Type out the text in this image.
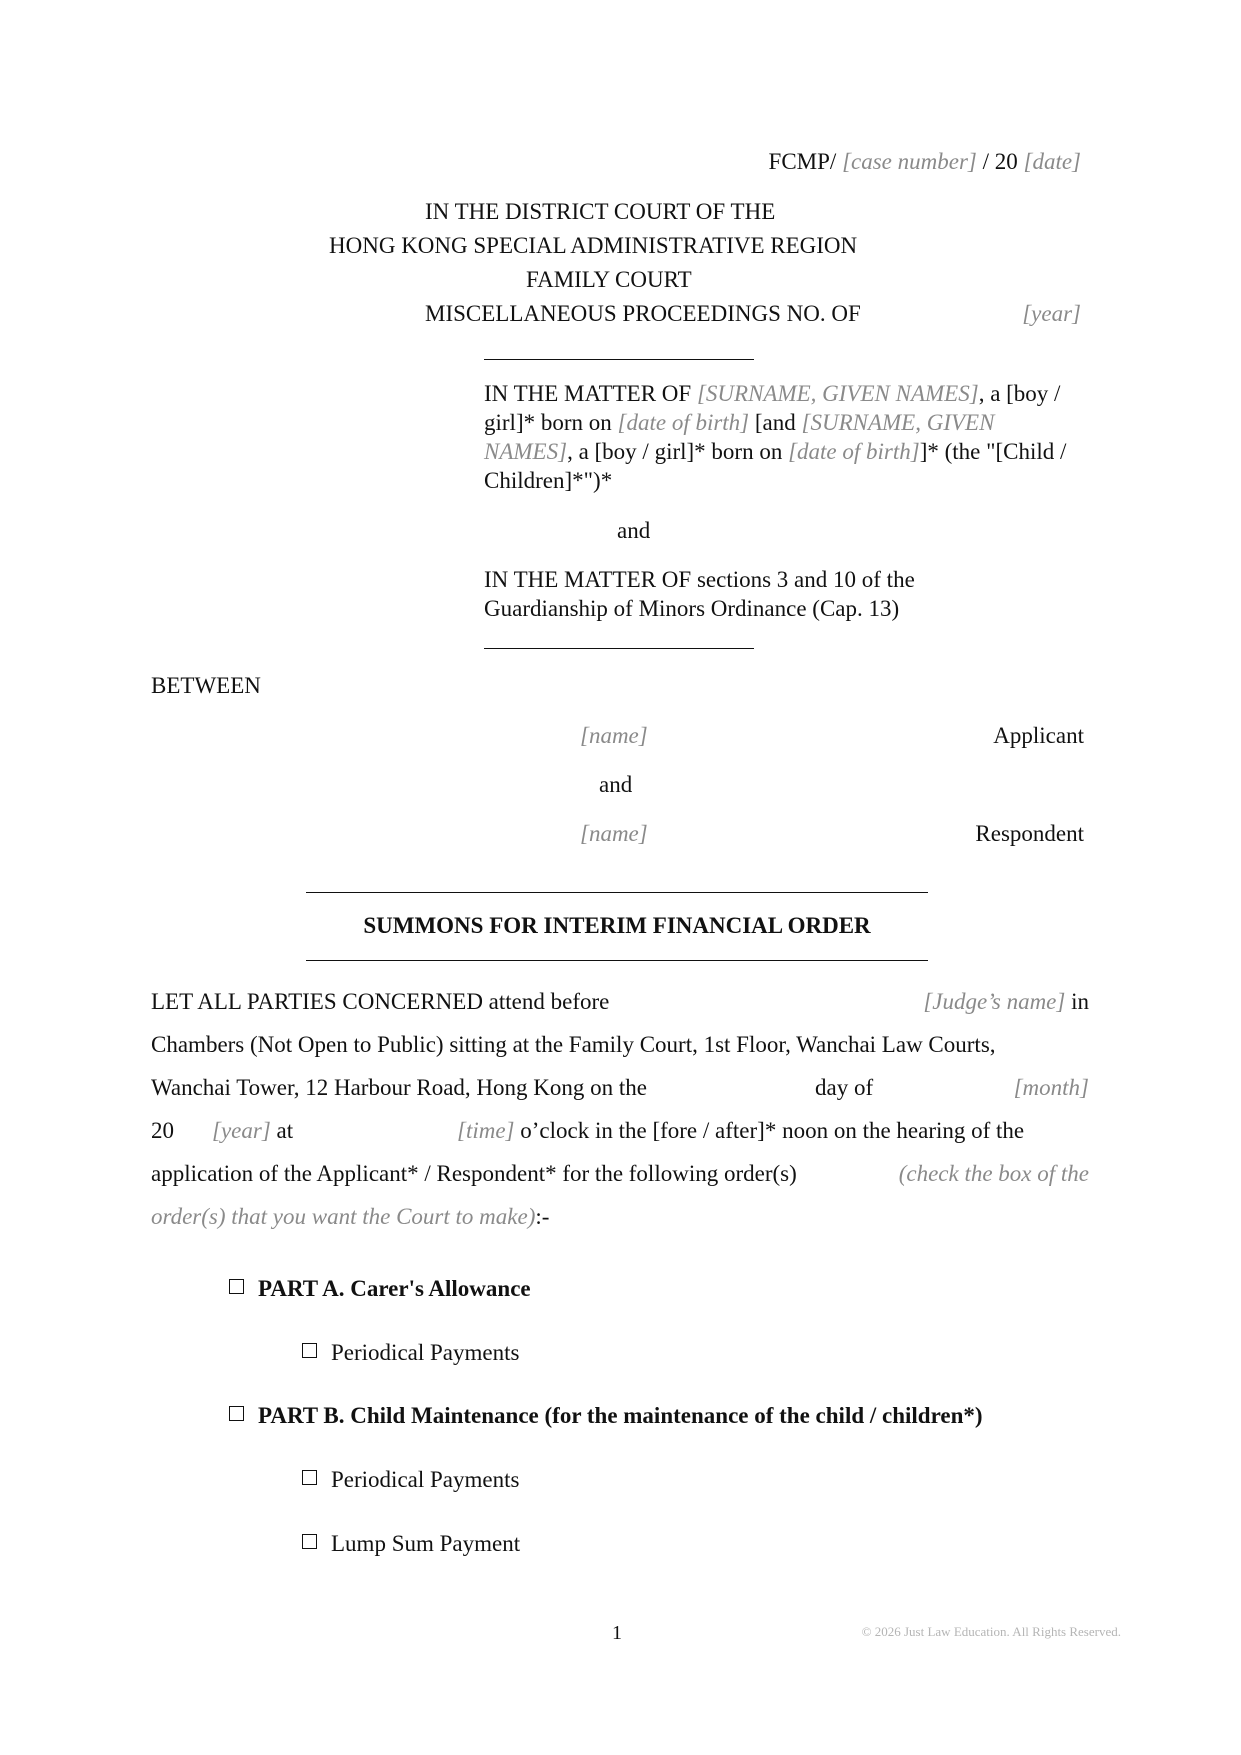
FCMP/ [case number] / 20 [date]
IN THE DISTRICT COURT OF THE
HONG KONG SPECIAL ADMINISTRATIVE REGION
FAMILY COURT
MISCELLANEOUS PROCEEDINGS NO. OF	[year]
IN THE MATTER OF [SURNAME, GIVEN NAMES], a [boy / girl]* born on [date of birth] [and [SURNAME, GIVEN NAMES], a [boy / girl]* born on [date of birth]]* (the "[Child / Children]*")*
and
IN THE MATTER OF sections 3 and 10 of the Guardianship of Minors Ordinance (Cap. 13)
BETWEEN
[name]	Applicant
and
[name]	Respondent
SUMMONS FOR INTERIM FINANCIAL ORDER
LET ALL PARTIES CONCERNED attend before	[Judge’s name] in
Chambers (Not Open to Public) sitting at the Family Court, 1st Floor, Wanchai Law Courts,
Wanchai Tower, 12 Harbour Road, Hong Kong on the	day of	[month]
20 [year] at	[time] o’clock in the [fore / after]* noon on the hearing of the
application of the Applicant* / Respondent* for the following order(s)	(check the box of the
order(s) that you want the Court to make):-
PART A. Carer's Allowance
Periodical Payments
PART B. Child Maintenance (for the maintenance of the child / children*)
Periodical Payments
Lump Sum Payment
1	© 2026 Just Law Education. All Rights Reserved.
